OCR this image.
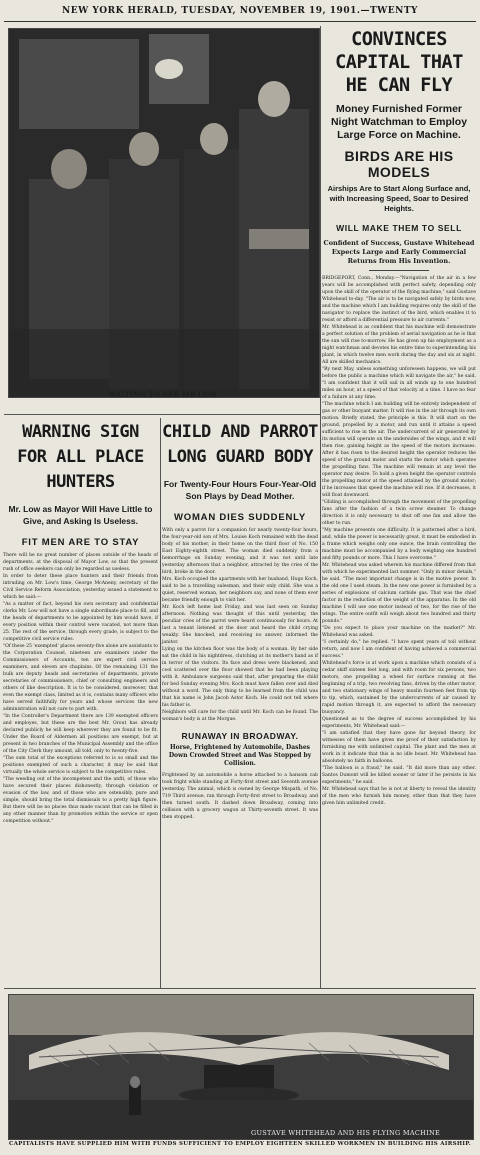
NEW YORK HERALD, TUESDAY, NOVEMBER 19, 1901.—TWENTY
WAITING TO SEE MR LOW
CONVINCES CAPITAL THAT HE CAN FLY
Money Furnished Former Night Watchman to Employ Large Force on Machine.
BIRDS ARE HIS MODELS
Airships Are to Start Along Surface and, with Increasing Speed, Soar to Desired Heights.
WILL MAKE THEM TO SELL
Confident of Success, Gustave Whitehead Expects Large and Early Commercial Returns from His Invention.

BRIDGEPORT, Conn., Monday.—"Navigation of the air in a few years will be accomplished with perfect safety, depending only upon the skill of the operator of the flying machine," said Gustave Whitehead to-day. "The air is to be navigated safely by birds now, and the machine which I am building requires only the skill of the navigator to replace the instinct of the bird, which enables it to resist or afford a differential pressure to air currents."

Mr. Whitehead is as confident that his machine will demonstrate a perfect solution of the problem of aerial navigation as he is that the sun will rise to-morrow. He has given up his employment as a night watchman and devotes his entire time to superintending his plant, in which twelve men work during the day and six at night. All are skilled mechanics.

"By next May, unless something unforeseen happens, we will put before the public a machine which will navigate the air," he said. "I am confident that it will sail in all winds up to one hundred miles an hour, at a speed of that velocity at a time. I have no fear of a failure at any time.

"The machine which I am building will be entirely independent of gas or other buoyant matter. It will rise in the air through its own motion. Briefly stated, the principle is this. It will start on the ground, propelled by a motor, and run until it attains a speed sufficient to rise in the air. The undercurrent of air generated by its motion will operate on the undersides of the wings, and it will then rise, gaining height as the speed of the motors increases. After it has risen to the desired height the operator reduces the speed of the ground motor and starts the motor which operates the propelling fans. The machine will remain at any level the operator may desire. To hold a given height the operator controls the propelling motor at the speed attained by the ground motor; if he increases that speed the machine will rise. If it decreases, it will float downward.

"Gliding is accomplished through the movement of the propelling fans after the fashion of a twin screw steamer. To change direction it is only necessary to shut off one fan and allow the other to run.

"My machine presents one difficulty. It is patterned after a bird, and, while the power is necessarily great, it must be embodied in a frame which weighs only one ounce, the brain controlling the machine must be accompanied by a body weighing one hundred and fifty pounds or more. This I have overcome."

Mr. Whitehead was asked wherein his machine differed from that with which he experimented last summer. "Only in minor details," he said. "The most important change is in the motive power. In the old one I used steam. In the new one power is furnished by a series of explosions of calcium carbide gas. That was the chief factor in the reduction of the weight of the apparatus. In the old machine I will use one motor instead of two, for the rise of the wings. The entire outfit will weigh about two hundred and thirty pounds."

"Do you expect to place your machine on the market?" Mr. Whitehead was asked.

"I certainly do," he replied. "I have spent years of toil without return, and now I am confident of having achieved a commercial success."

Whitehead's force is at work upon a machine which consists of a cedar skiff sixteen feet long, and with room for six persons, two motors, one propelling a wheel for surface running at the beginning of a trip, two revolving fans, driven by the other motor, and two stationary wings of heavy muslin fourteen feet from tip to tip, which, sustained by the undercurrents of air caused by rapid motion through it, are expected to afford the necessary buoyancy.

Questioned as to the degree of success accomplished by his experiments, Mr. Whitehead said:—

"I am satisfied that they have gone far beyond theory, for witnesses of them have given me proof of their satisfaction by furnishing me with unlimited capital. The plant and the men at work in it indicate that this is no idle boast. Mr. Whitehead has absolutely no faith in balloons.

"The balloon is a fraud," he said. "It did more than any other. Santos Dumont will be killed sooner or later if he persists in his experiments," he said.

Mr. Whitehead says that he is not at liberty to reveal the identity of the men who furnish him money, other than that they have given him unlimited credit.

WARNING SIGN FOR ALL PLACE HUNTERS
Mr. Low as Mayor Will Have Little to Give, and Asking Is Useless.
FIT MEN ARE TO STAY

There will be no great number of places outside of the heads of departments, at the disposal of Mayor Low, so that the present rush of office seekers can only be regarded as useless.

In order to deter these place hunters and their friends from intruding on Mr. Low's time, George McAneny, secretary of the Civil Service Reform Association, yesterday issued a statement to which he said:—

"As a matter of fact, beyond his own secretary and confidential clerks Mr. Low will not have a single subordinate place to fill, and the heads of departments to be appointed by him would have, if every position within their control were vacated, not more than 25. The rest of the service, through every grade, is subject to the competitive civil service rules.

"Of these 25 'exempted' places seventy-five alone are assistants to the Corporation Counsel, nineteen are examiners under the Commissioners of Accounts, ten are expert civil service examiners, and eleven are chaplains. Of the remaining 131 the bulk are deputy heads and secretaries of departments, private secretaries of commissioners, chief or consulting engineers and others of like description. It is to be considered, moreover, that even the exempt class, limited as it is, contains many officers who have served faithfully for years and whose services the new administration will not care to part with.

"In the Controller's Department there are 139 exempted officers and employes, but these are the best Mr. Grout has already declared publicly he will keep wherever they are found to be fit. Under the Board of Aldermen all positions are exempt, but at present in two branches of the Municipal Assembly and the office of the City Clerk they amount, all told, only to twenty-five.

"The sum total of the exceptions referred to is so small and the positions exempted of such a character, it may be said that virtually the whole service is subject to the competitive rules.

"The weeding out of the incompetent and the unfit, of those who have secured their places dishonestly, through violation or evasion of the law, and of those who are ostensibly, pure and simple, should bring the total dismissals to a pretty high figure. But there will be no places thus made vacant that can be filled in any other manner than by promotion within the service or open competition without."

CHILD AND PARROT LONG GUARD BODY
For Twenty-Four Hours Four-Year-Old Son Plays by Dead Mother.
WOMAN DIES SUDDENLY

With only a parrot for a companion for nearly twenty-four hours, the four-year-old son of Mrs. Louise Koch remained with the dead body of his mother, in their home on the third floor of No. 150 East Eighty-eighth street. The woman died suddenly from a hemorrhage on Sunday evening, and it was not until late yesterday afternoon that a neighbor, attracted by the cries of the bird, broke in the door.

Mrs. Koch occupied the apartments with her husband, Hugo Koch, said to be a travelling salesman, and their only child. She was a quiet, reserved woman, her neighbors say, and none of them ever became friendly enough to visit her.

Mr. Koch left home last Friday, and was last seen on Sunday afternoon. Nothing was thought of this until yesterday, the peculiar cries of the parrot were heard continuously for hours. At last a tenant listened at the door and heard the child crying weakly. She knocked, and receiving no answer, informed the janitor.

Lying on the kitchen floor was the body of a woman. By her side sat the child in his nightdress, clutching at its mother's hand as if in terror of the visitors. Its face and dress were blackened, and cool scattered over the floor showed that he had been playing with it. Ambulance surgeons said that, after preparing the child for bed Sunday evening Mrs. Koch must have fallen over and died without a word. The only thing to be learned from the child was that his name is John Jacob Astor Koch. He could not tell where his father is.

Neighbors will care for the child until Mr. Koch can be found. The woman's body is at the Morgue.

RUNAWAY IN BROADWAY.
Horse, Frightened by Automobile, Dashes Down Crowded Street and Was Stopped by Collision.

Frightened by an automobile a horse attached to a hansom cab took fright while standing at Forty-first street and Seventh avenue yesterday. The animal, which is owned by George Mispath, of No. 719 Third avenue, ran through Forty-first street to Broadway, and then turned south. It dashed down Broadway, coming into collision with a grocery wagon at Thirty-seventh street. It was then stopped.

GUSTAVE WHITEHEAD AND HIS FLYING MACHINE
CAPITALISTS HAVE SUPPLIED HIM WITH FUNDS SUFFICIENT TO EMPLOY EIGHTEEN SKILLED WORKMEN IN BUILDING HIS AIRSHIP.
